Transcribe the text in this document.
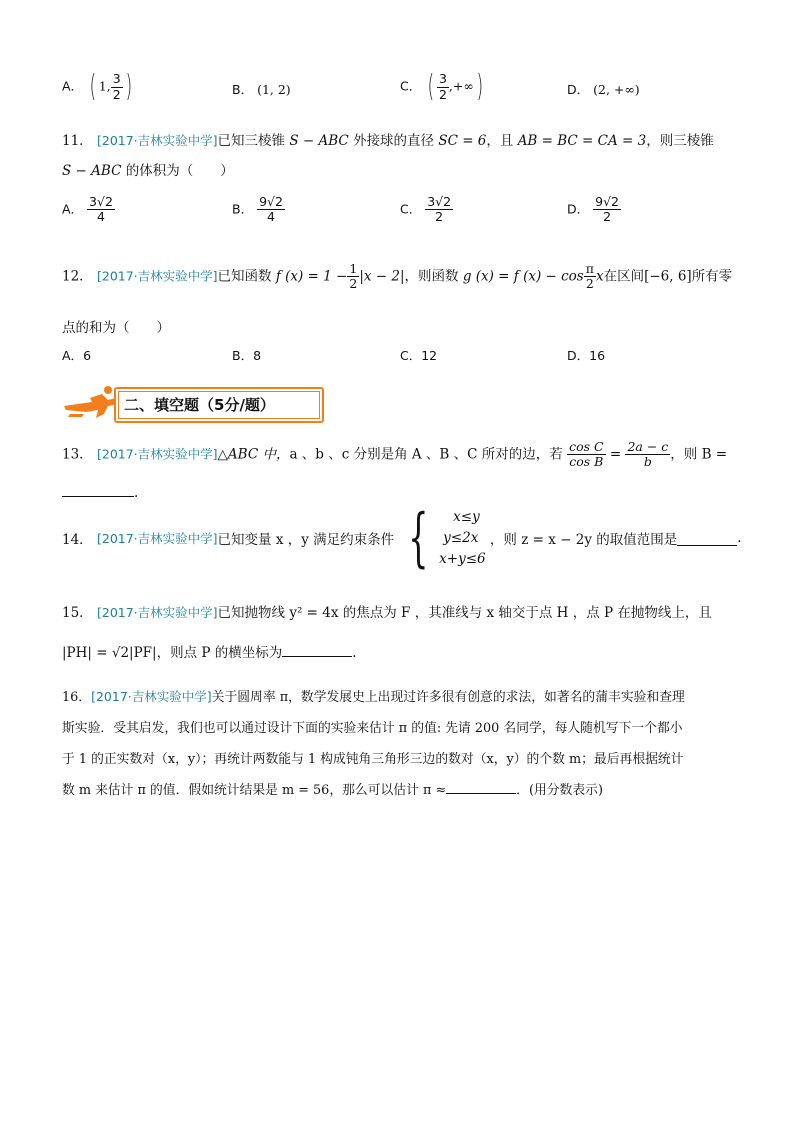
A． ( 1, $\frac{3}{2}$ )	B． (1, 2)	C． ( $\frac{3}{2}$ ,+∞)	D． (2, +∞)
11． [2017·吉林实验中学]已知三棱锥 S − ABC 外接球的直径 SC = 6，且 AB = BC = CA = 3，则三棱锥
S − ABC 的体积为（　　）
A． $\frac{3√2}{4}$	B． $\frac{9√2}{4}$	C． $\frac{3√2}{2}$	D． $\frac{9√2}{2}$
12． [2017·吉林实验中学]已知函数 f $(x) = 1 - \frac{1}{2} |x - 2|$，则函数 g (x) = f $(x) - \cos \frac{\pi}{2}$ x在区间[−6, 6]所有零
点的和为（　　）
A．6	B．8	C．12	D．16
二、填空题（5分/题）
13． [2017·吉林实验中学]△ABC 中，a 、b 、c 分别是角 A 、B 、C 所对的边，若 $\frac{\text{cos C}}{\text{cos B}} = \frac{2a - c}{b}$ ，则 B =
.
14． [2017·吉林实验中学]已知变量 x ，y 满足约束条件 {	x≤y
y≤2x
x+y≤6
，则 z = x − 2y 的取值范围是	.
15． [2017·吉林实验中学]已知抛物线 y² = 4x 的焦点为 F ，其准线与 x 轴交于点 H ，点 P 在抛物线上，且
|PH| = √2|PF|，则点 P 的横坐标为	.
16．[2017·吉林实验中学]关于圆周率 π，数学发展史上出现过许多很有创意的求法，如著名的蒲丰实验和查理
斯实验．受其启发，我们也可以通过设计下面的实验来估计 π 的值: 先请 200 名同学，每人随机写下一个都小
于 1 的正实数对（x，y）；再统计两数能与 1 构成钝角三角形三边的数对（x，y）的个数 m；最后再根据统计
数 m 来估计 π 的值．假如统计结果是 m = 56，那么可以估计 π ≈	．(用分数表示)
